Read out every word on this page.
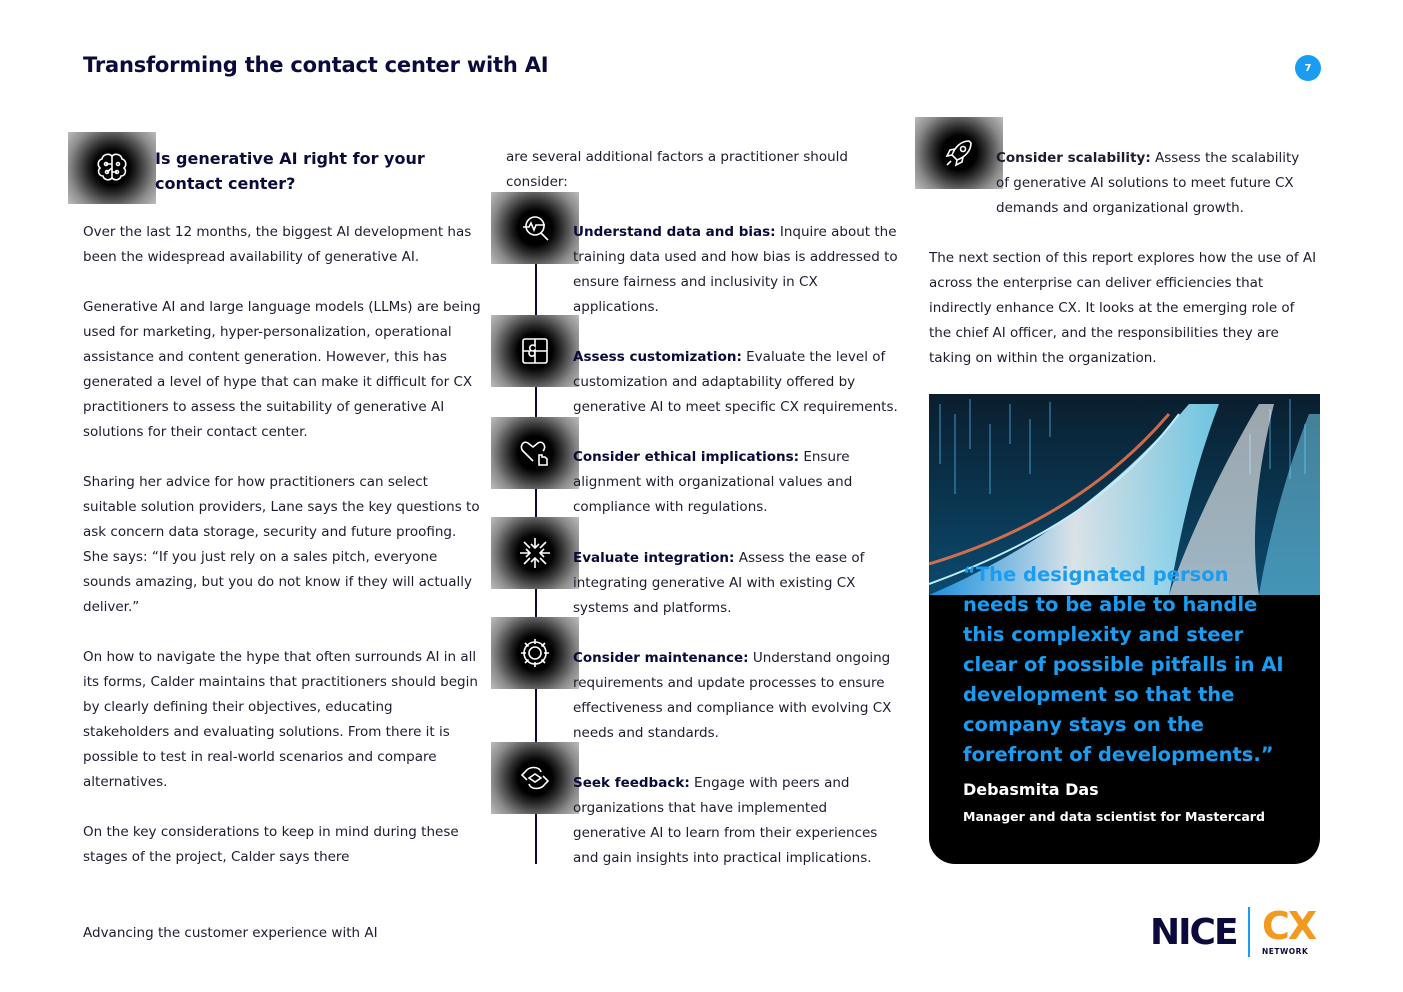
Transforming the contact center with AI	7
Is generative AI right for your
contact center?

Over the last 12 months, the biggest AI development has been the widespread availability of generative AI.

Generative AI and large language models (LLMs) are being used for marketing, hyper-personalization, operational assistance and content generation. However, this has generated a level of hype that can make it difficult for CX practitioners to assess the suitability of generative AI solutions for their contact center.

Sharing her advice for how practitioners can select suitable solution providers, Lane says the key questions to ask concern data storage, security and future proofing. She says: “If you just rely on a sales pitch, everyone sounds amazing, but you do not know if they will actually deliver.”

On how to navigate the hype that often surrounds AI in all its forms, Calder maintains that practitioners should begin by clearly defining their objectives, educating stakeholders and evaluating solutions. From there it is possible to test in real-world scenarios and compare alternatives.

On the key considerations to keep in mind during these stages of the project, Calder says there

are several additional factors a practitioner should consider:
Understand data and bias: Inquire about the training data used and how bias is addressed to ensure fairness and inclusivity in CX applications.
Assess customization: Evaluate the level of customization and adaptability offered by generative AI to meet specific CX requirements.
Consider ethical implications: Ensure alignment with organizational values and compliance with regulations.
Evaluate integration: Assess the ease of integrating generative AI with existing CX systems and platforms.
Consider maintenance: Understand ongoing requirements and update processes to ensure effectiveness and compliance with evolving CX needs and standards.
Seek feedback: Engage with peers and organizations that have implemented generative AI to learn from their experiences and gain insights into practical implications.
Consider scalability: Assess the scalability of generative AI solutions to meet future CX demands and organizational growth.
The next section of this report explores how the use of AI across the enterprise can deliver efficiencies that indirectly enhance CX. It looks at the emerging role of the chief AI officer, and the responsibilities they are taking on within the organization.
“The designated person needs to be able to handle this complexity and steer clear of possible pitfalls in AI development so that the company stays on the forefront of developments.”
Debasmita Das
Manager and data scientist for Mastercard
Advancing the customer experience with AI	NICE CX
NETWORK
